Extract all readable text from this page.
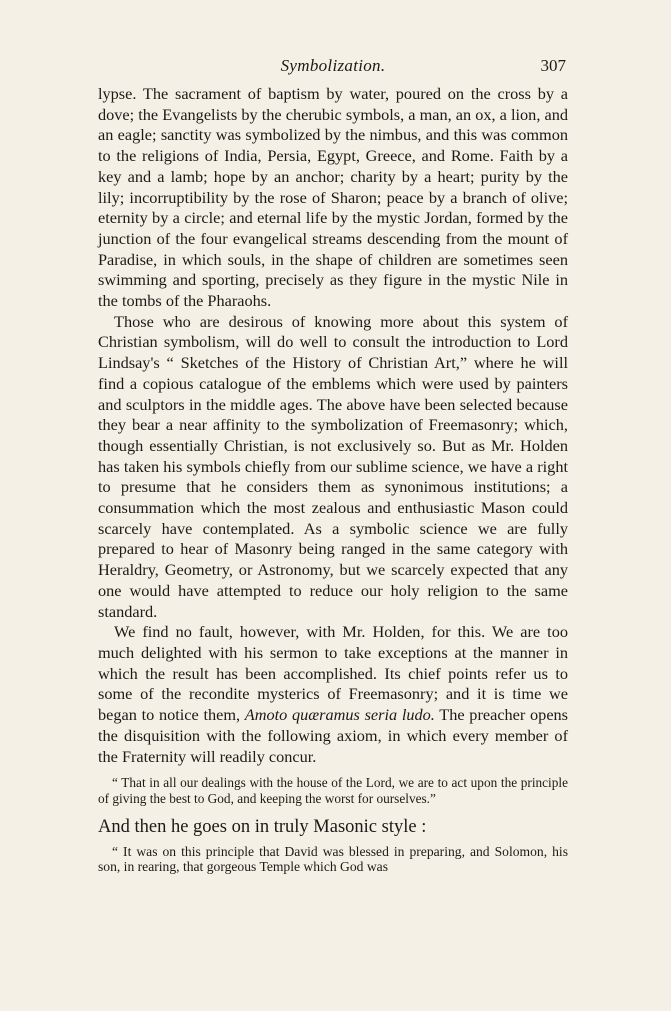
Symbolization.	307

lypse. The sacrament of baptism by water, poured on the cross by a dove; the Evangelists by the cherubic symbols, a man, an ox, a lion, and an eagle; sanctity was symbolized by the nimbus, and this was common to the religions of India, Persia, Egypt, Greece, and Rome. Faith by a key and a lamb; hope by an anchor; charity by a heart; purity by the lily; incorruptibility by the rose of Sharon; peace by a branch of olive; eternity by a circle; and eternal life by the mystic Jordan, formed by the junction of the four evangelical streams descending from the mount of Paradise, in which souls, in the shape of children are sometimes seen swimming and sporting, precisely as they figure in the mystic Nile in the tombs of the Pharaohs.

Those who are desirous of knowing more about this system of Christian symbolism, will do well to consult the introduction to Lord Lindsay's “ Sketches of the History of Christian Art,” where he will find a copious catalogue of the emblems which were used by painters and sculptors in the middle ages. The above have been selected because they bear a near affinity to the symbolization of Freemasonry; which, though essentially Christian, is not exclusively so. But as Mr. Holden has taken his symbols chiefly from our sublime science, we have a right to presume that he considers them as synonimous institutions; a consummation which the most zealous and enthusiastic Mason could scarcely have contemplated. As a symbolic science we are fully prepared to hear of Masonry being ranged in the same category with Heraldry, Geometry, or Astronomy, but we scarcely expected that any one would have attempted to reduce our holy religion to the same standard.

We find no fault, however, with Mr. Holden, for this. We are too much delighted with his sermon to take exceptions at the manner in which the result has been accomplished. Its chief points refer us to some of the recondite mysterics of Freemasonry; and it is time we began to notice them, Amoto quæramus seria ludo. The preacher opens the disquisition with the following axiom, in which every member of the Fraternity will readily concur.

“ That in all our dealings with the house of the Lord, we are to act upon the principle of giving the best to God, and keeping the worst for ourselves.”

And then he goes on in truly Masonic style :

“ It was on this principle that David was blessed in preparing, and Solomon, his son, in rearing, that gorgeous Temple which God was
